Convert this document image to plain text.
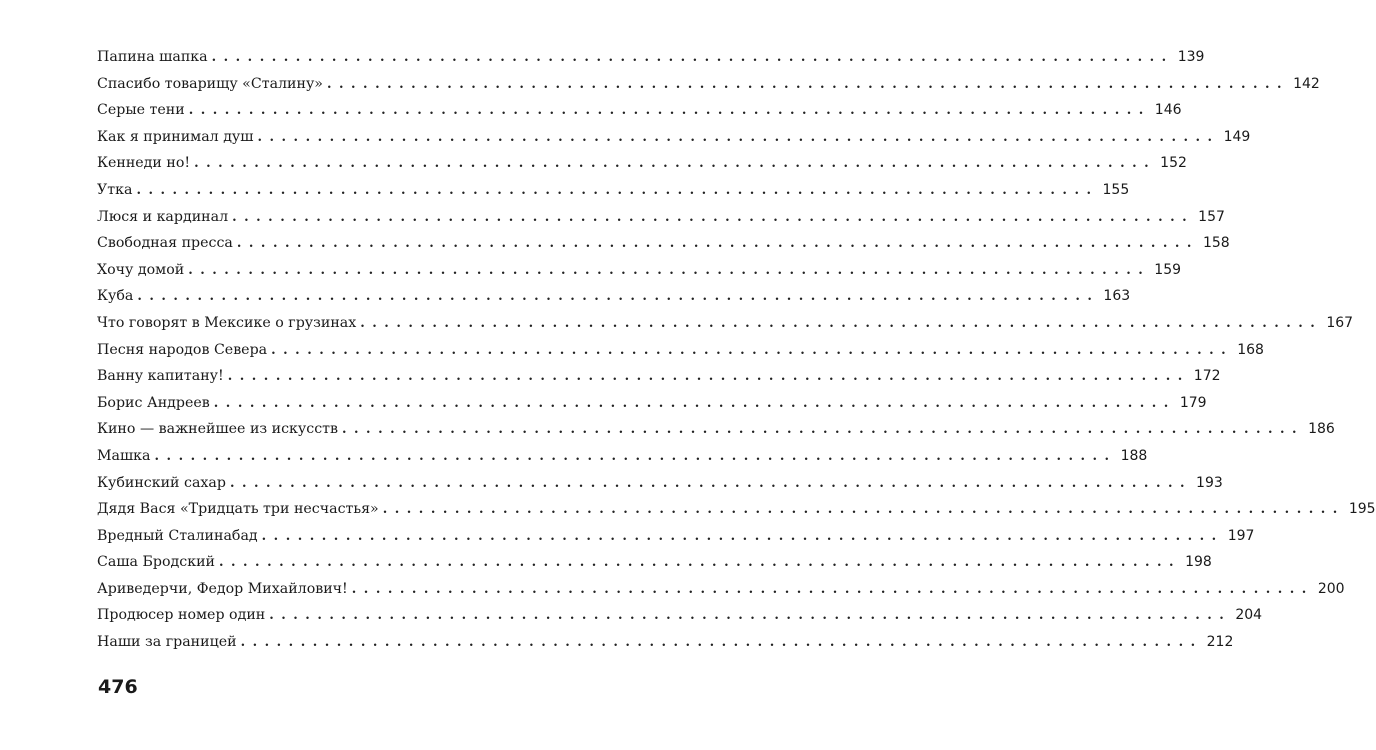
Папина шапка ................................................................................ 139
Спасибо товарищу «Сталину» ................................................................................ 142
Серые тени ................................................................................ 146
Как я принимал душ ................................................................................ 149
Кеннеди но! ................................................................................ 152
Утка ................................................................................ 155
Люся и кардинал ................................................................................ 157
Свободная пресса ................................................................................ 158
Хочу домой ................................................................................ 159
Куба ................................................................................ 163
Что говорят в Мексике о грузинах ................................................................................ 167
Песня народов Севера ................................................................................ 168
Ванну капитану! ................................................................................ 172
Борис Андреев ................................................................................ 179
Кино — важнейшее из искусств ................................................................................ 186
Машка ................................................................................ 188
Кубинский сахар ................................................................................ 193
Дядя Вася «Тридцать три несчастья» ................................................................................ 195
Вредный Сталинабад ................................................................................ 197
Саша Бродский ................................................................................ 198
Ариведерчи, Федор Михайлович! ................................................................................ 200
Продюсер номер один ................................................................................ 204
Наши за границей ................................................................................ 212
476
